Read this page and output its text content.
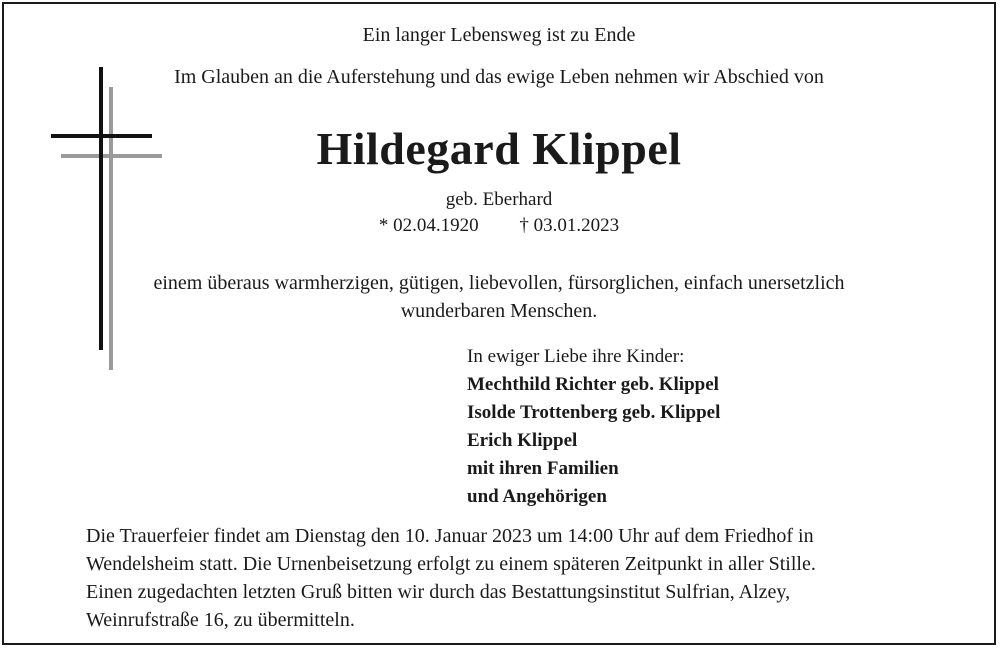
Ein langer Lebensweg ist zu Ende
Im Glauben an die Auferstehung und das ewige Leben nehmen wir Abschied von
Hildegard Klippel
geb. Eberhard
* 02.04.1920 † 03.01.2023
einem überaus warmherzigen, gütigen, liebevollen, fürsorglichen, einfach unersetzlich
wunderbaren Menschen.
In ewiger Liebe ihre Kinder:
Mechthild Richter geb. Klippel
Isolde Trottenberg geb. Klippel
Erich Klippel
mit ihren Familien
und Angehörigen
Die Trauerfeier findet am Dienstag den 10. Januar 2023 um 14:00 Uhr auf dem Friedhof in
Wendelsheim statt. Die Urnenbeisetzung erfolgt zu einem späteren Zeitpunkt in aller Stille.
Einen zugedachten letzten Gruß bitten wir durch das Bestattungsinstitut Sulfrian, Alzey,
Weinrufstraße 16, zu übermitteln.
